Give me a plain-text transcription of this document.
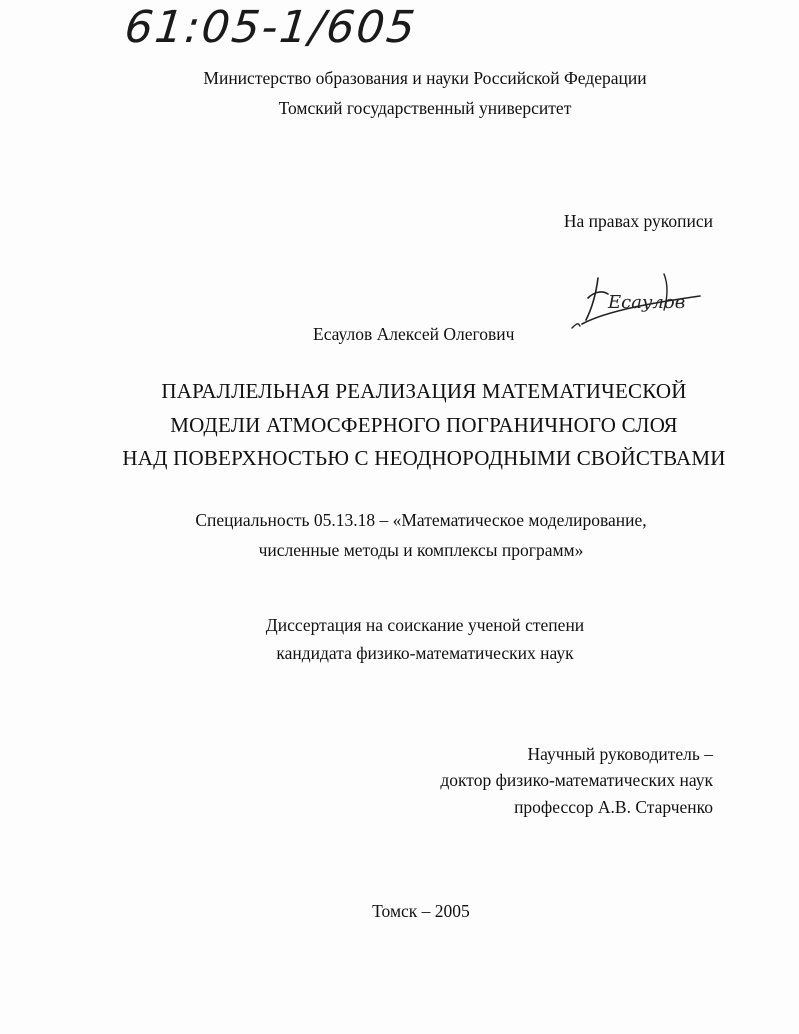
61:05-1/605
Министерство образования и науки Российской Федерации
Томский государственный университет
На правах рукописи
Есаулов
Есаулов Алексей Олегович
ПАРАЛЛЕЛЬНАЯ РЕАЛИЗАЦИЯ МАТЕМАТИЧЕСКОЙ
МОДЕЛИ АТМОСФЕРНОГО ПОГРАНИЧНОГО СЛОЯ
НАД ПОВЕРХНОСТЬЮ С НЕОДНОРОДНЫМИ СВОЙСТВАМИ
Специальность 05.13.18 – «Математическое моделирование,
численные методы и комплексы программ»
Диссертация на соискание ученой степени
кандидата физико-математических наук
Научный руководитель –
доктор физико-математических наук
профессор А.В. Старченко
Томск – 2005
